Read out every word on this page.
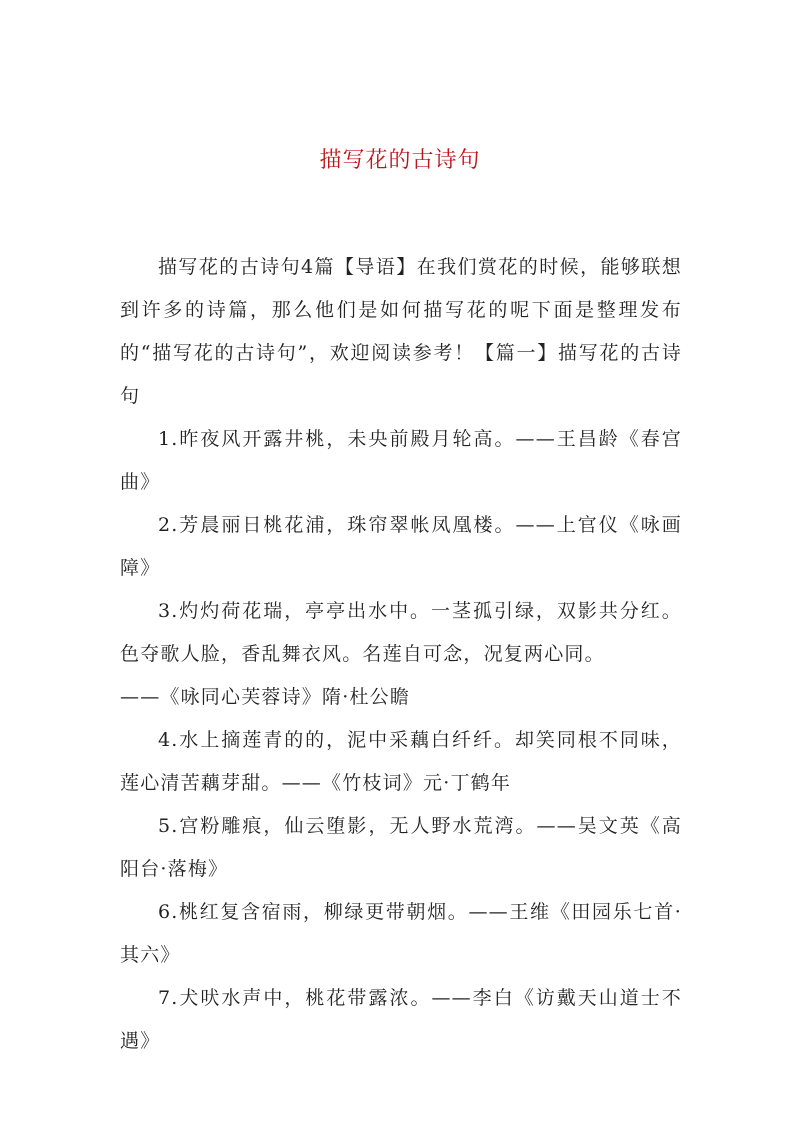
描写花的古诗句

描写花的古诗句4篇【导语】在我们赏花的时候，能够联想到许多的诗篇，那么他们是如何描写花的呢下面是整理发布的“描写花的古诗句”，欢迎阅读参考！【篇一】描写花的古诗句

1.昨夜风开露井桃，未央前殿月轮高。——王昌龄《春宫曲》

2.芳晨丽日桃花浦，珠帘翠帐凤凰楼。——上官仪《咏画障》

3.灼灼荷花瑞，亭亭出水中。一茎孤引绿，双影共分红。色夺歌人脸，香乱舞衣风。名莲自可念，况复两心同。
——《咏同心芙蓉诗》隋·杜公瞻

4.水上摘莲青的的，泥中采藕白纤纤。却笑同根不同味，莲心清苦藕芽甜。——《竹枝词》元·丁鹤年

5.宫粉雕痕，仙云堕影，无人野水荒湾。——吴文英《高阳台·落梅》

6.桃红复含宿雨，柳绿更带朝烟。——王维《田园乐七首·其六》

7.犬吠水声中，桃花带露浓。——李白《访戴天山道士不遇》
